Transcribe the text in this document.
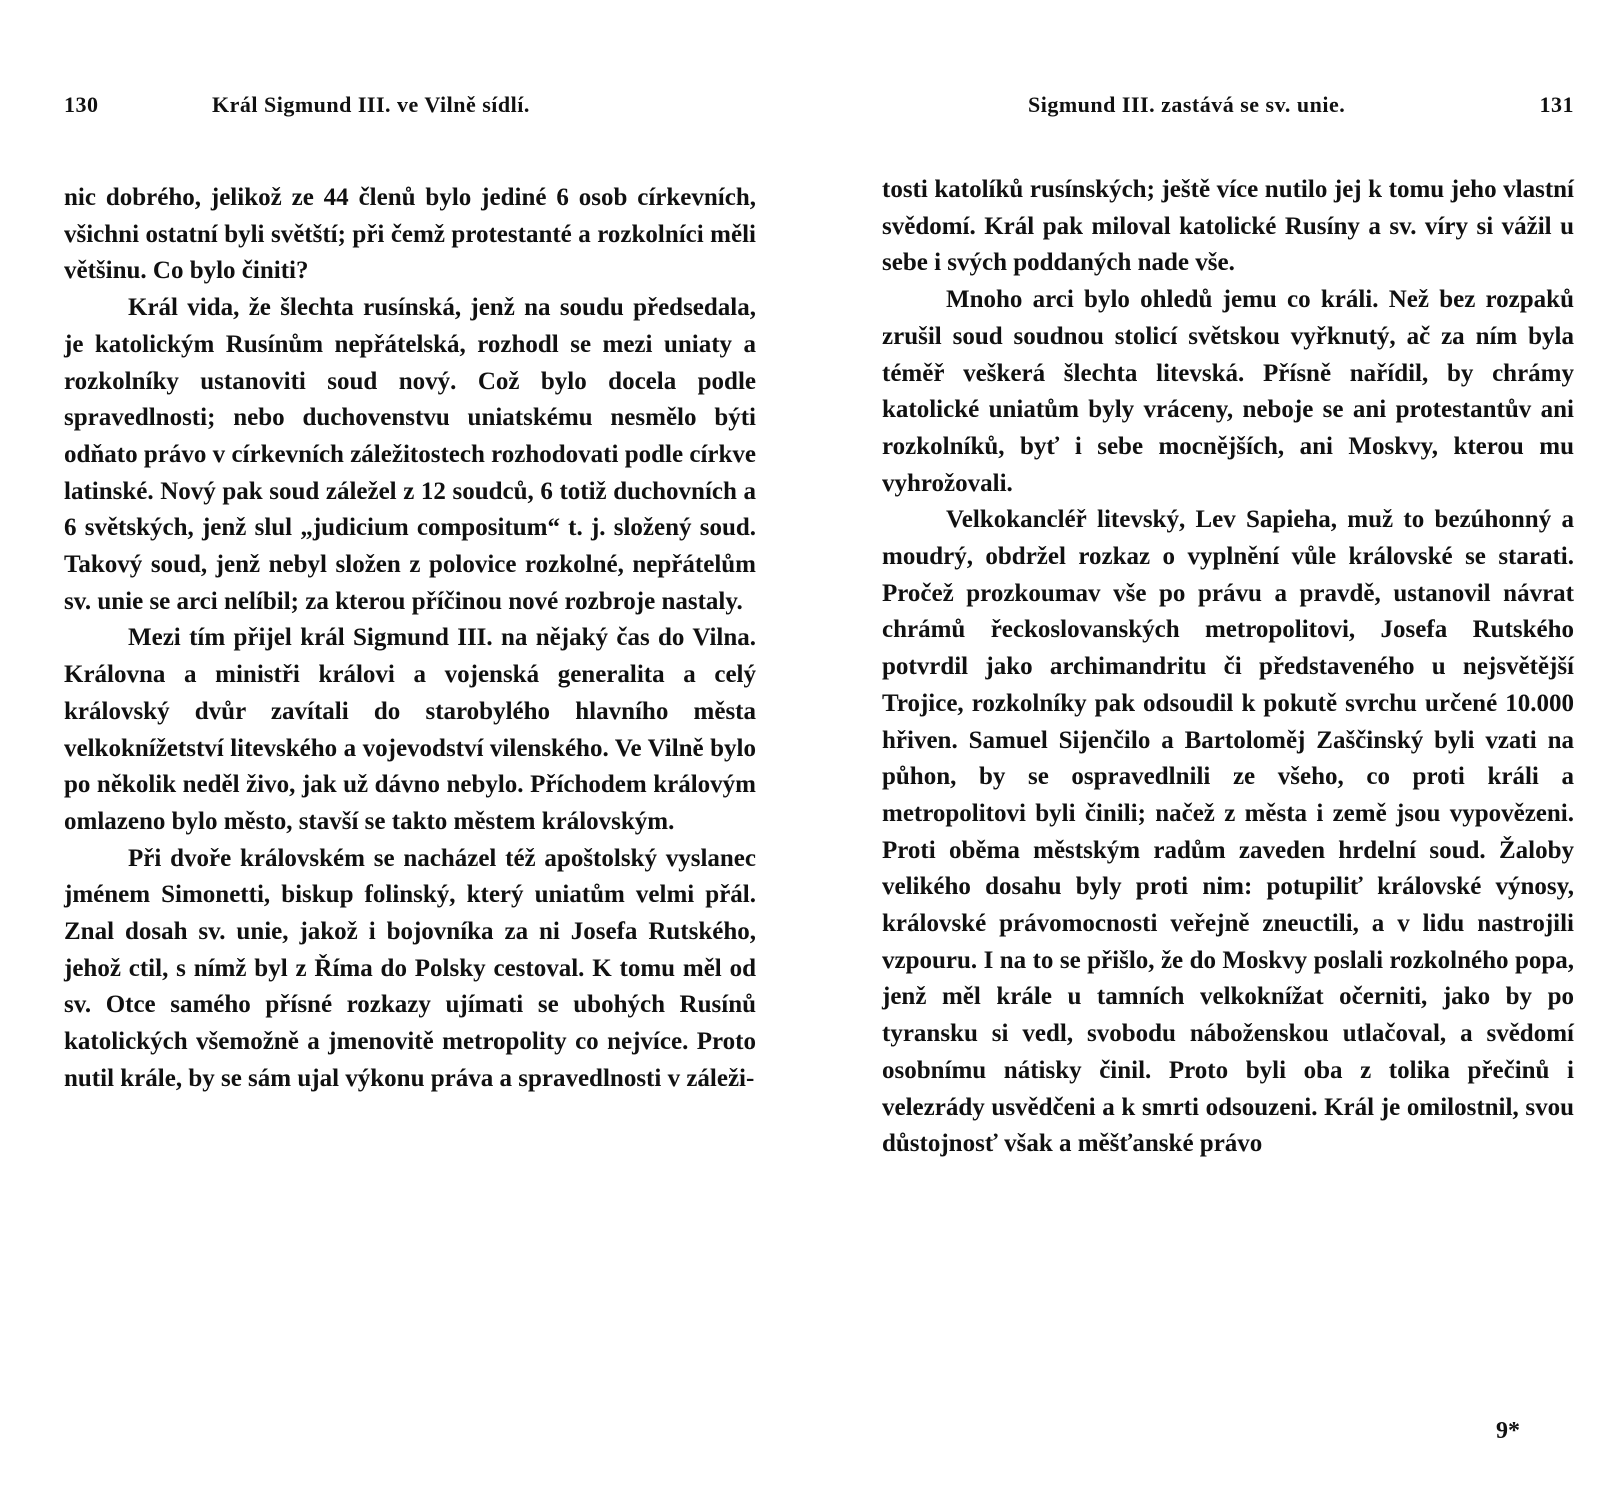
130	Král Sigmund III. ve Vilně sídlí.

nic dobrého, jelikož ze 44 členů bylo jediné 6 osob církevních, všichni ostatní byli světští; při čemž protestanté a rozkolníci měli většinu. Co bylo činiti?

Král vida, že šlechta rusínská, jenž na soudu předsedala, je katolickým Rusínům nepřátelská, rozhodl se mezi uniaty a rozkolníky ustanoviti soud nový. Což bylo docela podle spravedlnosti; nebo duchovenstvu uniatskému nesmělo býti odňato právo v církevních záležitostech rozhodovati podle církve latinské. Nový pak soud záležel z 12 soudců, 6 totiž duchovních a 6 světských, jenž slul „judicium compositum“ t. j. složený soud. Takový soud, jenž nebyl složen z polovice rozkolné, nepřátelům sv. unie se arci nelíbil; za kterou příčinou nové rozbroje nastaly.

Mezi tím přijel král Sigmund III. na nějaký čas do Vilna. Královna a ministři královi a vojenská generalita a celý královský dvůr zavítali do starobylého hlavního města velkoknížetství litevského a vojevodství vilenského. Ve Vilně bylo po několik neděl živo, jak už dávno nebylo. Příchodem královým omlazeno bylo město, stavší se takto městem královským.

Při dvoře královském se nacházel též apoštolský vyslanec jménem Simonetti, biskup folinský, který uniatům velmi přál. Znal dosah sv. unie, jakož i bojovníka za ni Josefa Rutského, jehož ctil, s nímž byl z Říma do Polsky cestoval. K tomu měl od sv. Otce samého přísné rozkazy ujímati se ubohých Rusínů katolických všemožně a jmenovitě metropolity co nejvíce. Proto nutil krále, by se sám ujal výkonu práva a spravedlnosti v záleži-

Sigmund III. zastává se sv. unie.	131

tosti katolíků rusínských; ještě více nutilo jej k tomu jeho vlastní svědomí. Král pak miloval katolické Rusíny a sv. víry si vážil u sebe i svých poddaných nade vše.

Mnoho arci bylo ohledů jemu co králi. Než bez rozpaků zrušil soud soudnou stolicí světskou vyřknutý, ač za ním byla téměř veškerá šlechta litevská. Přísně nařídil, by chrámy katolické uniatům byly vráceny, neboje se ani protestantův ani rozkolníků, byť i sebe mocnějších, ani Moskvy, kterou mu vyhrožovali.

Velkokancléř litevský, Lev Sapieha, muž to bezúhonný a moudrý, obdržel rozkaz o vyplnění vůle královské se starati. Pročež prozkoumav vše po právu a pravdě, ustanovil návrat chrámů řeckoslovanských metropolitovi, Josefa Rutského potvrdil jako archimandritu či představeného u nejsvětější Trojice, rozkolníky pak odsoudil k pokutě svrchu určené 10.000 hřiven. Samuel Sijenčilo a Bartoloměj Zaščinský byli vzati na půhon, by se ospravedlnili ze všeho, co proti králi a metropolitovi byli činili; načež z města i země jsou vypovězeni. Proti oběma městským radům zaveden hrdelní soud. Žaloby velikého dosahu byly proti nim: potupiliť královské výnosy, královské právomocnosti veřejně zneuctili, a v lidu nastrojili vzpouru. I na to se přišlo, že do Moskvy poslali rozkolného popa, jenž měl krále u tamních velkoknížat očerniti, jako by po tyransku si vedl, svobodu náboženskou utlačoval, a svědomí osobnímu nátisky činil. Proto byli oba z tolika přečinů i velezrády usvědčeni a k smrti odsouzeni. Král je omilostnil, svou důstojnosť však a měšťanské právo

9*
